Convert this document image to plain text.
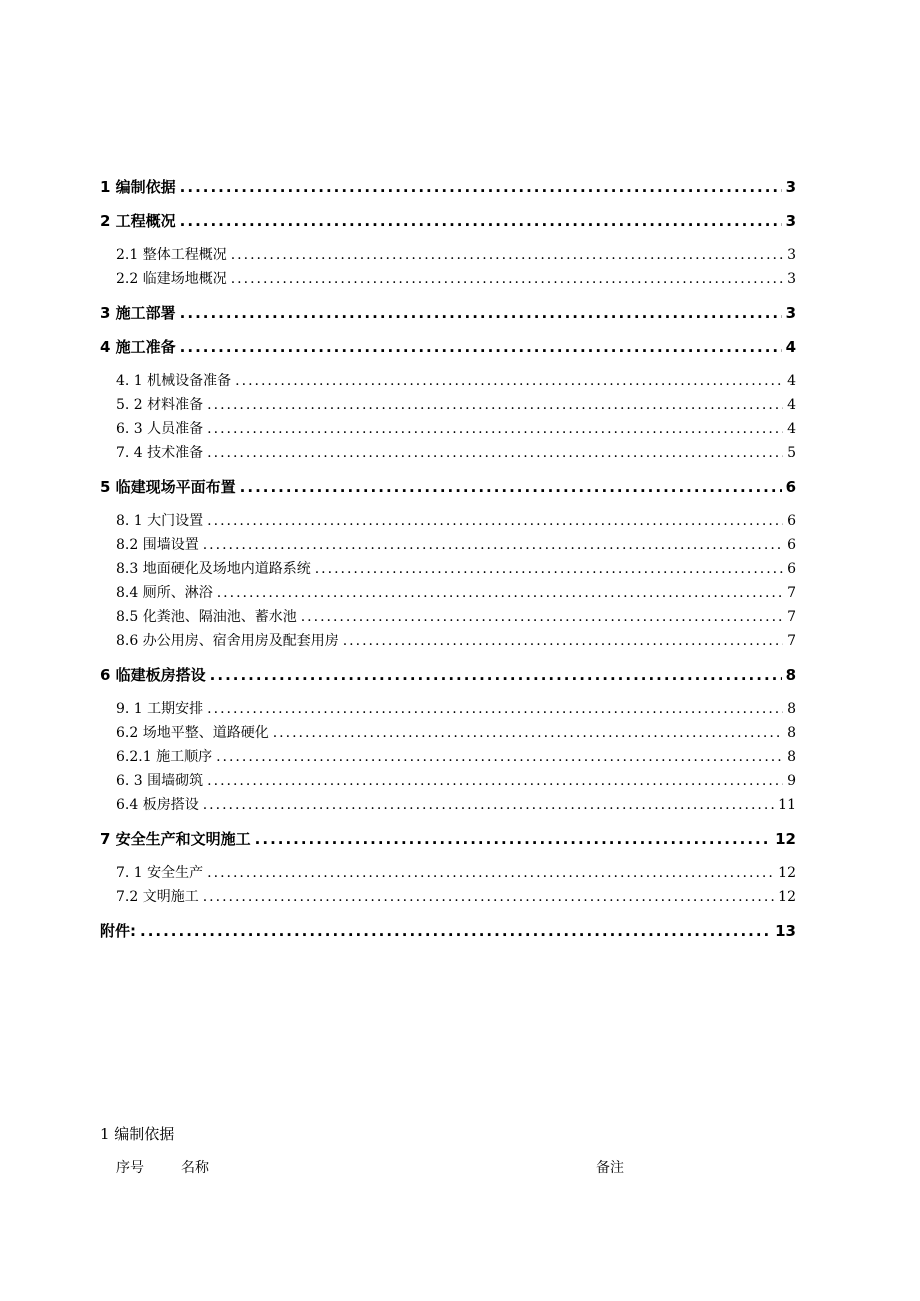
1 编制依据 .....	3
2 工程概况 .....	3
2.1 整体工程概况 .....	3
2.2 临建场地概况 .....	3
3 施工部署 .....	3
4 施工准备 .....	4
4. 1 机械设备准备 .....	4
5. 2 材料准备 .....	4
6. 3 人员准备 .....	4
7. 4 技术准备 .....	5
5 临建现场平面布置 .....	6
8. 1 大门设置 .....	6
8.2 围墙设置 .....	6
8.3 地面硬化及场地内道路系统 .....	6
8.4 厕所、淋浴 .....	7
8.5 化粪池、隔油池、蓄水池 .....	7
8.6 办公用房、宿舍用房及配套用房 .....	7
6 临建板房搭设 .....	8
9. 1 工期安排 .....	8
6.2 场地平整、道路硬化 .....	8
6.2.1 施工顺序 .....	8
6. 3 围墙砌筑 .....	9
6.4 板房搭设 .....	11
7 安全生产和文明施工 .....	12
7. 1 安全生产 .....	12
7.2 文明施工 .....	12
附件: .....	13
1 编制依据
序号	名称	备注
